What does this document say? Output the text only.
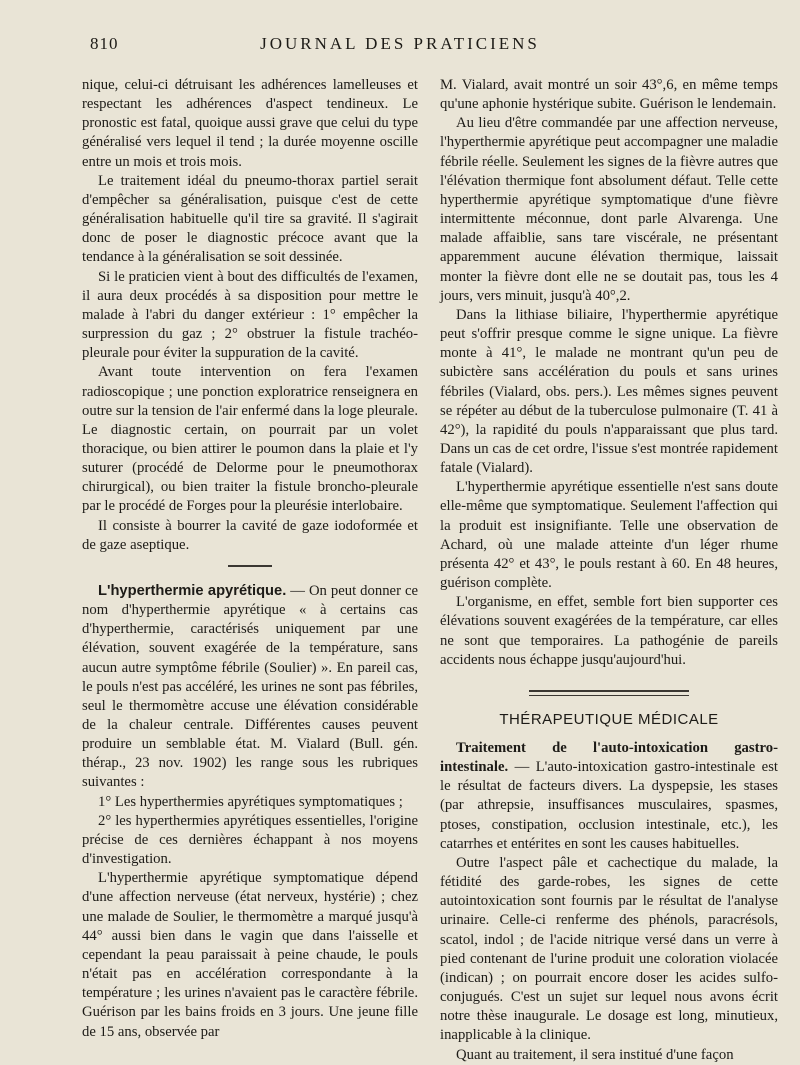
810	JOURNAL DES PRATICIENS

nique, celui-ci détruisant les adhérences lamelleuses et respectant les adhérences d'aspect tendineux. Le pronostic est fatal, quoique aussi grave que celui du type généralisé vers lequel il tend ; la durée moyenne oscille entre un mois et trois mois.

Le traitement idéal du pneumo-thorax partiel serait d'empêcher sa généralisation, puisque c'est de cette généralisation habituelle qu'il tire sa gravité. Il s'agirait donc de poser le diagnostic précoce avant que la tendance à la généralisation se soit dessinée.

Si le praticien vient à bout des difficultés de l'examen, il aura deux procédés à sa disposition pour mettre le malade à l'abri du danger extérieur : 1° empêcher la surpression du gaz ; 2° obstruer la fistule trachéo-pleurale pour éviter la suppuration de la cavité.

Avant toute intervention on fera l'examen radioscopique ; une ponction exploratrice renseignera en outre sur la tension de l'air enfermé dans la loge pleurale. Le diagnostic certain, on pourrait par un volet thoracique, ou bien attirer le poumon dans la plaie et l'y suturer (procédé de Delorme pour le pneumothorax chirurgical), ou bien traiter la fistule broncho-pleurale par le procédé de Forges pour la pleurésie interlobaire.

Il consiste à bourrer la cavité de gaze iodoformée et de gaze aseptique.

L'hyperthermie apyrétique. — On peut donner ce nom d'hyperthermie apyrétique « à certains cas d'hyperthermie, caractérisés uniquement par une élévation, souvent exagérée de la température, sans aucun autre symptôme fébrile (Soulier) ». En pareil cas, le pouls n'est pas accéléré, les urines ne sont pas fébriles, seul le thermomètre accuse une élévation considérable de la chaleur centrale. Différentes causes peuvent produire un semblable état. M. Vialard (Bull. gén. thérap., 23 nov. 1902) les range sous les rubriques suivantes :

1° Les hyperthermies apyrétiques symptomatiques ;

2° les hyperthermies apyrétiques essentielles, l'origine précise de ces dernières échappant à nos moyens d'investigation.

L'hyperthermie apyrétique symptomatique dépend d'une affection nerveuse (état nerveux, hystérie) ; chez une malade de Soulier, le thermomètre a marqué jusqu'à 44° aussi bien dans le vagin que dans l'aisselle et cependant la peau paraissait à peine chaude, le pouls n'était pas en accélération correspondante à la température ; les urines n'avaient pas le caractère fébrile. Guérison par les bains froids en 3 jours. Une jeune fille de 15 ans, observée par

M. Vialard, avait montré un soir 43°,6, en même temps qu'une aphonie hystérique subite. Guérison le lendemain.

Au lieu d'être commandée par une affection nerveuse, l'hyperthermie apyrétique peut accompagner une maladie fébrile réelle. Seulement les signes de la fièvre autres que l'élévation thermique font absolument défaut. Telle cette hyperthermie apyrétique symptomatique d'une fièvre intermittente méconnue, dont parle Alvarenga. Une malade affaiblie, sans tare viscérale, ne présentant apparemment aucune élévation thermique, laissait monter la fièvre dont elle ne se doutait pas, tous les 4 jours, vers minuit, jusqu'à 40°,2.

Dans la lithiase biliaire, l'hyperthermie apyrétique peut s'offrir presque comme le signe unique. La fièvre monte à 41°, le malade ne montrant qu'un peu de subictère sans accélération du pouls et sans urines fébriles (Vialard, obs. pers.). Les mêmes signes peuvent se répéter au début de la tuberculose pulmonaire (T. 41 à 42°), la rapidité du pouls n'apparaissant que plus tard. Dans un cas de cet ordre, l'issue s'est montrée rapidement fatale (Vialard).

L'hyperthermie apyrétique essentielle n'est sans doute elle-même que symptomatique. Seulement l'affection qui la produit est insignifiante. Telle une observation de Achard, où une malade atteinte d'un léger rhume présenta 42° et 43°, le pouls restant à 60. En 48 heures, guérison complète.

L'organisme, en effet, semble fort bien supporter ces élévations souvent exagérées de la température, car elles ne sont que temporaires. La pathogénie de pareils accidents nous échappe jusqu'aujourd'hui.

THÉRAPEUTIQUE MÉDICALE

Traitement de l'auto-intoxication gastro-intestinale. — L'auto-intoxication gastro-intestinale est le résultat de facteurs divers. La dyspepsie, les stases (par athrepsie, insuffisances musculaires, spasmes, ptoses, constipation, occlusion intestinale, etc.), les catarrhes et entérites en sont les causes habituelles.

Outre l'aspect pâle et cachectique du malade, la fétidité des garde-robes, les signes de cette autointoxication sont fournis par le résultat de l'analyse urinaire. Celle-ci renferme des phénols, paracrésols, scatol, indol ; de l'acide nitrique versé dans un verre à pied contenant de l'urine produit une coloration violacée (indican) ; on pourrait encore doser les acides sulfo-conjugués. C'est un sujet sur lequel nous avons écrit notre thèse inaugurale. Le dosage est long, minutieux, inapplicable à la clinique.

Quant au traitement, il sera institué d'une façon
